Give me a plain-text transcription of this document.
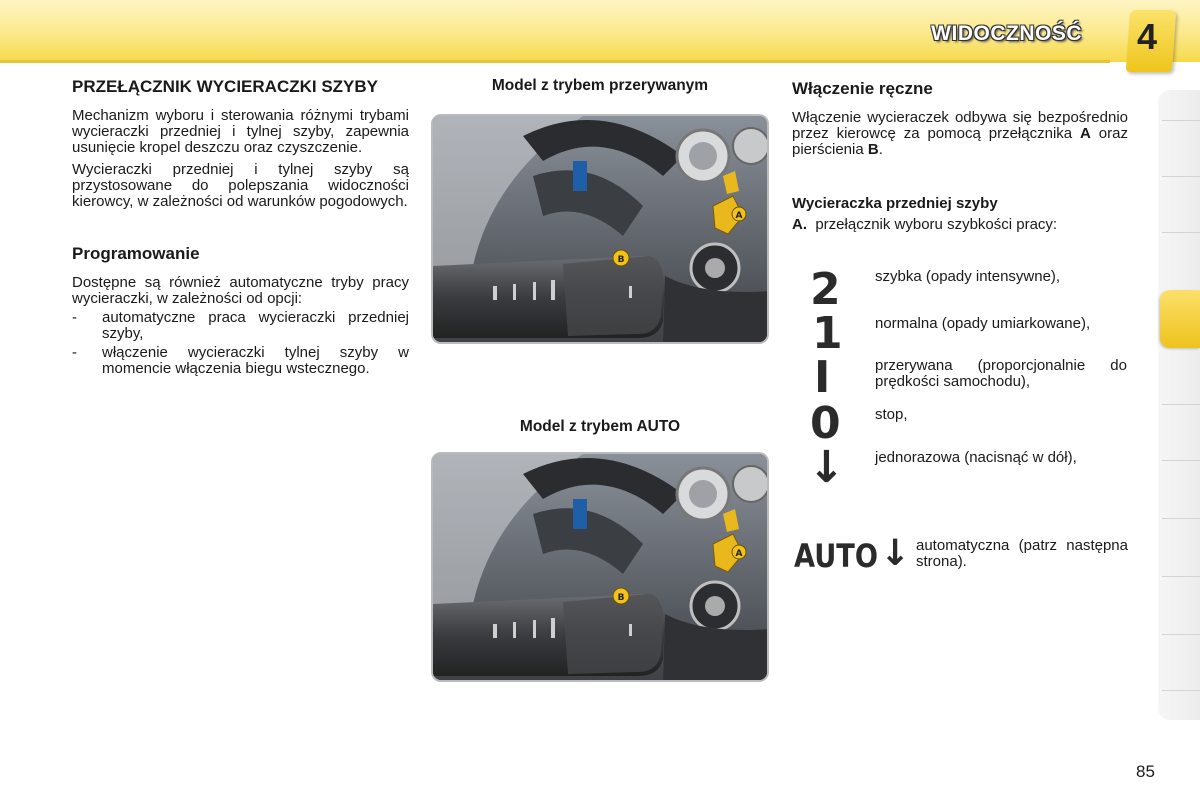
WIDOCZNOŚĆ 4
PRZEŁĄCZNIK WYCIERACZKI SZYBY

Mechanizm wyboru i sterowania różnymi trybami wycieraczki przedniej i tylnej szyby, zapewnia usunięcie kropel deszczu oraz czyszczenie.

Wycieraczki przedniej i tylnej szyby są przystosowane do polepszania widoczności kierowcy, w zależności od warunków pogodowych.

Programowanie

Dostępne są również automatyczne tryby pracy wycieraczki, w zależności od opcji:

-	automatyczne praca wycieraczki przedniej szyby,
-	włączenie wycieraczki tylnej szyby w momencie włączenia biegu wstecznego.
Model z trybem przerywanym
Model z trybem AUTO
A
B
A
B
Włączenie ręczne

Włączenie wycieraczek odbywa się bezpośrednio przez kierowcę za pomocą przełącznika A oraz pierścienia B.

Wycieraczka przedniej szyby
A. przełącznik wyboru szybkości pracy:
2
1
I
0
↓
szybka (opady intensywne),
normalna (opady umiarkowane),
przerywana (proporcjonalnie do prędkości samochodu),
stop,
jednorazowa (nacisnąć w dół),
AUTO ↓ automatyczna (patrz następna strona).
85
